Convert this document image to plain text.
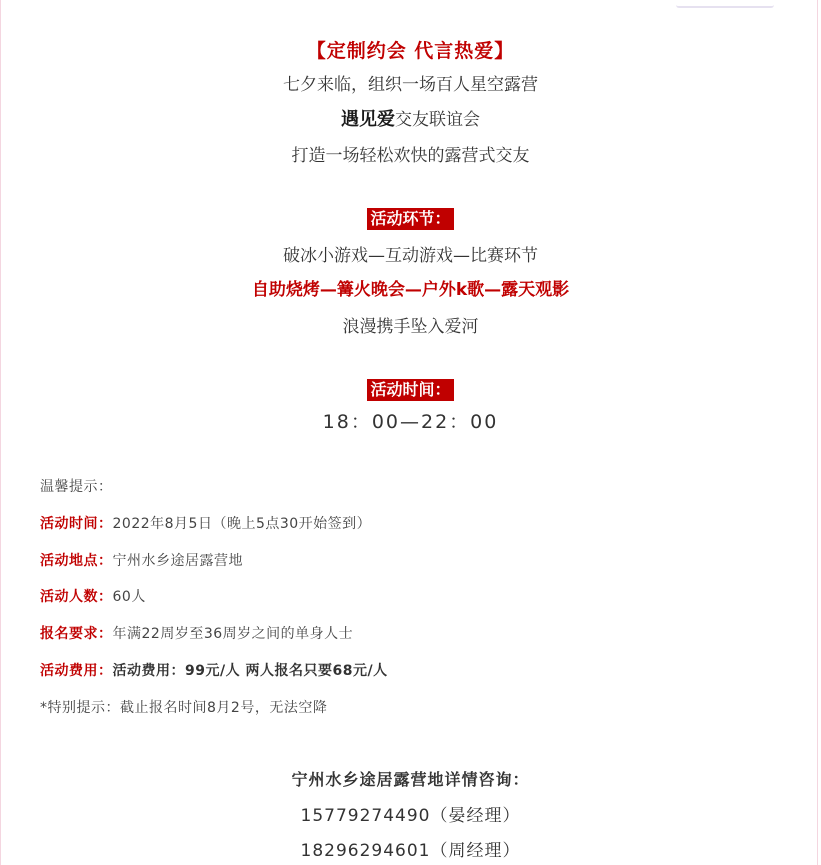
【定制约会 代言热爱】
七夕来临，组织一场百人星空露营
遇见爱交友联谊会
打造一场轻松欢快的露营式交友
活动环节：
破冰小游戏—互动游戏—比赛环节
自助烧烤—篝火晚会—户外k歌—露天观影
浪漫携手坠入爱河
活动时间：
18：00—22：00
温馨提示：
活动时间：2022年8月5日（晚上5点30开始签到）
活动地点：宁州水乡途居露营地
活动人数：60人
报名要求：年满22周岁至36周岁之间的单身人士
活动费用：活动费用：99元/人 两人报名只要68元/人
*特别提示：截止报名时间8月2号，无法空降
宁州水乡途居露营地详情咨询：
15779274490（晏经理）
18296294601（周经理）
